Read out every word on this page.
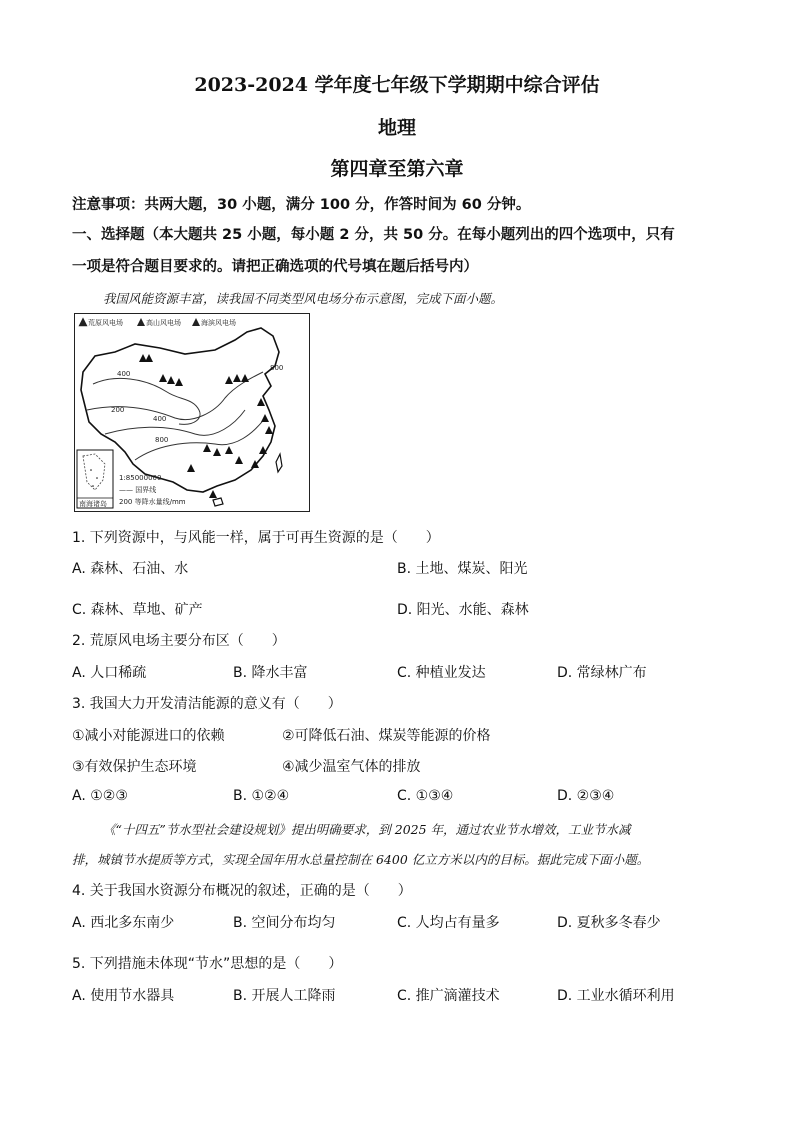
2023-2024 学年度七年级下学期期中综合评估
地理
第四章至第六章
注意事项：共两大题，30 小题，满分 100 分，作答时间为 60 分钟。
一、选择题（本大题共 25 小题，每小题 2 分，共 50 分。在每小题列出的四个选项中，只有
一项是符合题目要求的。请把正确选项的代号填在题后括号内）
我国风能资源丰富，读我国不同类型风电场分布示意图，完成下面小题。
荒原风电场	高山风电场	海滨风电场
400
200
400
800
800
南海诸岛
1:85000000
—— 国界线
200 等降水量线/mm
1. 下列资源中，与风能一样，属于可再生资源的是（　　）
A. 森林、石油、水	B. 土地、煤炭、阳光
C. 森林、草地、矿产	D. 阳光、水能、森林
2. 荒原风电场主要分布区（　　）
A. 人口稀疏	B. 降水丰富	C. 种植业发达	D. 常绿林广布
3. 我国大力开发清洁能源的意义有（　　）
①减小对能源进口的依赖	②可降低石油、煤炭等能源的价格
③有效保护生态环境	④减少温室气体的排放
A. ①②③	B. ①②④	C. ①③④	D. ②③④
《“十四五”节水型社会建设规划》提出明确要求，到 2025 年，通过农业节水增效，工业节水减
排，城镇节水提质等方式，实现全国年用水总量控制在 6400 亿立方米以内的目标。据此完成下面小题。
4. 关于我国水资源分布概况的叙述，正确的是（　　）
A. 西北多东南少	B. 空间分布均匀	C. 人均占有量多	D. 夏秋多冬春少
5. 下列措施未体现“节水”思想的是（　　）
A. 使用节水器具	B. 开展人工降雨	C. 推广滴灌技术	D. 工业水循环利用
